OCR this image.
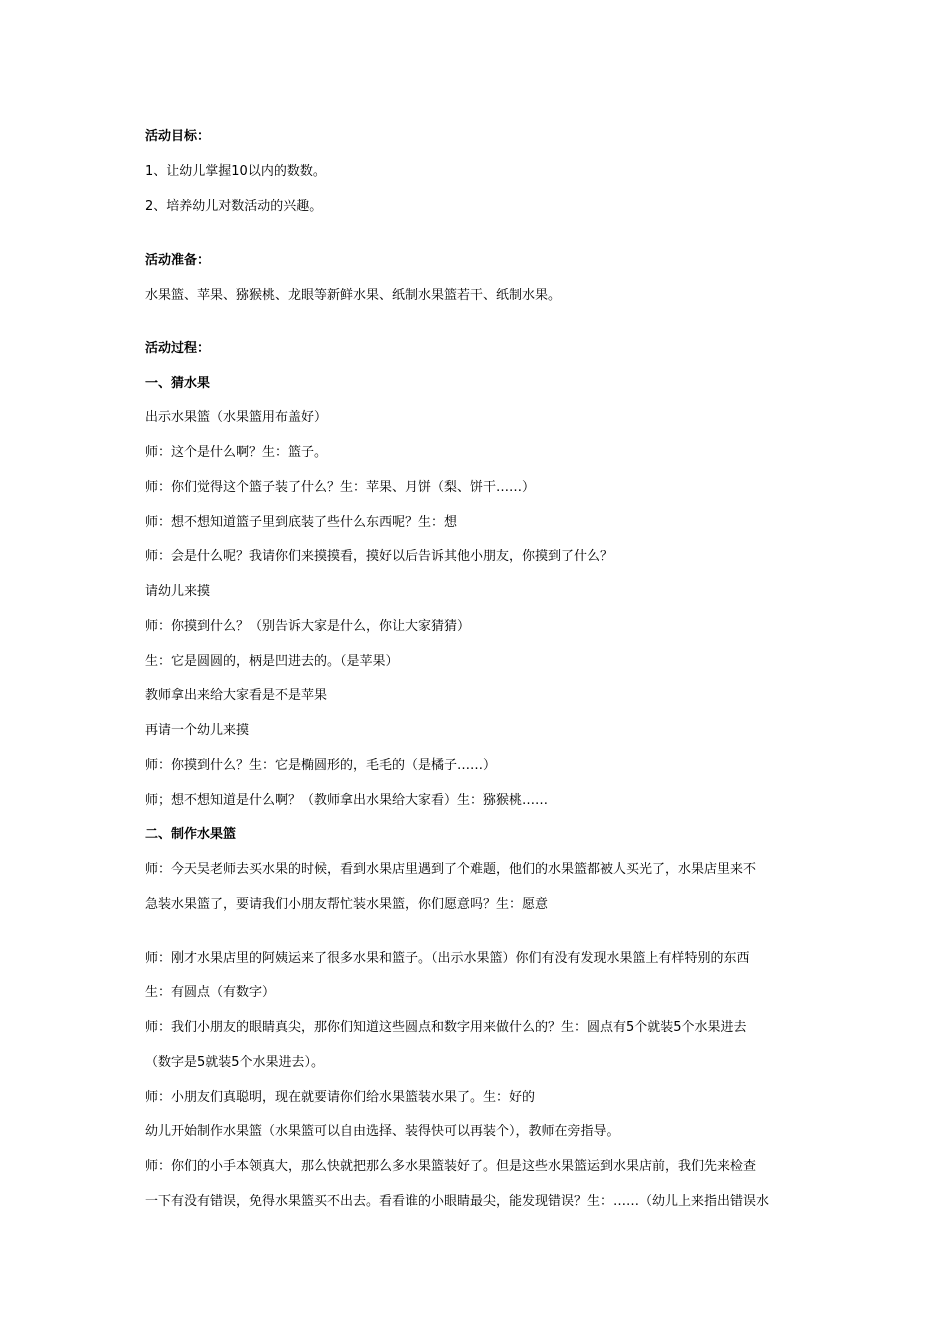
活动目标：
1、让幼儿掌握10以内的数数。
2、培养幼儿对数活动的兴趣。
活动准备：
水果篮、苹果、猕猴桃、龙眼等新鲜水果、纸制水果篮若干、纸制水果。
活动过程：
一、猜水果
出示水果篮（水果篮用布盖好）
师：这个是什么啊？生：篮子。
师：你们觉得这个篮子装了什么？生：苹果、月饼（梨、饼干……）
师：想不想知道篮子里到底装了些什么东西呢？生：想
师：会是什么呢？我请你们来摸摸看，摸好以后告诉其他小朋友，你摸到了什么？
请幼儿来摸
师：你摸到什么？（别告诉大家是什么，你让大家猜猜）
生：它是圆圆的，柄是凹进去的。（是苹果）
教师拿出来给大家看是不是苹果
再请一个幼儿来摸
师：你摸到什么？生：它是椭圆形的，毛毛的（是橘子……）
师；想不想知道是什么啊？（教师拿出水果给大家看）生：猕猴桃……
二、制作水果篮
师：今天吴老师去买水果的时候，看到水果店里遇到了个难题，他们的水果篮都被人买光了，水果店里来不
急装水果篮了，要请我们小朋友帮忙装水果篮，你们愿意吗？生：愿意
师：刚才水果店里的阿姨运来了很多水果和篮子。（出示水果篮）你们有没有发现水果篮上有样特别的东西
生：有圆点（有数字）
师：我们小朋友的眼睛真尖，那你们知道这些圆点和数字用来做什么的？生：圆点有5个就装5个水果进去
（数字是5就装5个水果进去）。
师：小朋友们真聪明，现在就要请你们给水果篮装水果了。生：好的
幼儿开始制作水果篮（水果篮可以自由选择、装得快可以再装个），教师在旁指导。
师：你们的小手本领真大，那么快就把那么多水果篮装好了。但是这些水果篮运到水果店前，我们先来检查
一下有没有错误，免得水果篮买不出去。看看谁的小眼睛最尖，能发现错误？生：……（幼儿上来指出错误水
